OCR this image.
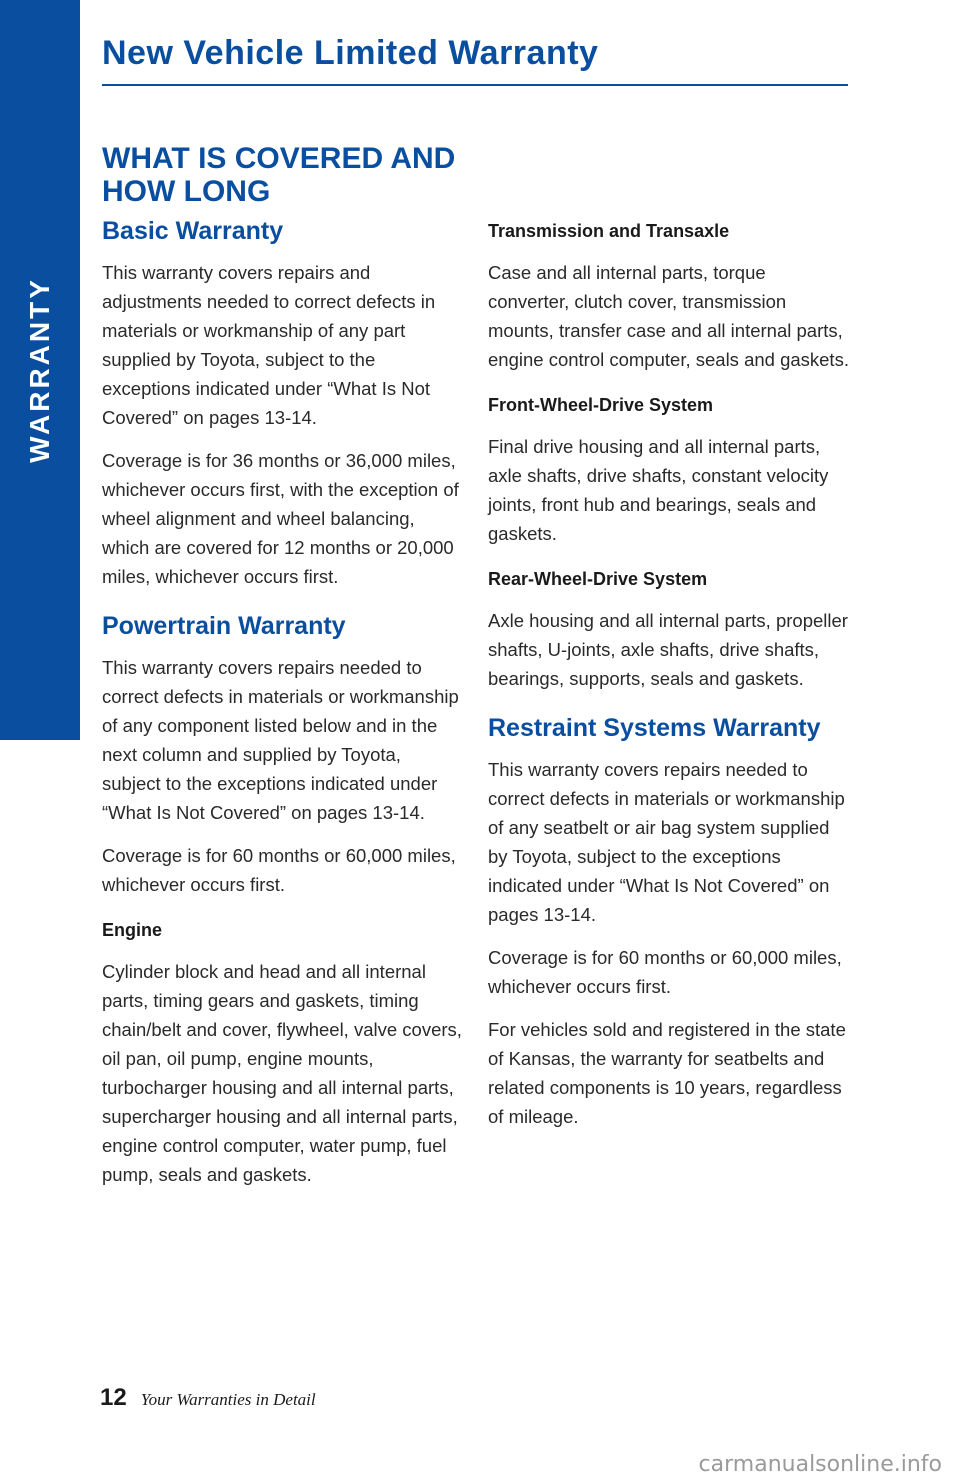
WARRANTY
New Vehicle Limited Warranty
WHAT IS COVERED AND HOW LONG
Basic Warranty

This warranty covers repairs and adjustments needed to correct defects in materials or workmanship of any part supplied by Toyota, subject to the exceptions indicated under “What Is Not Covered” on pages 13-14.

Coverage is for 36 months or 36,000 miles, whichever occurs first, with the exception of wheel alignment and wheel balancing, which are covered for 12 months or 20,000 miles, whichever occurs first.

Powertrain Warranty

This warranty covers repairs needed to correct defects in materials or workmanship of any component listed below and in the next column and supplied by Toyota, subject to the exceptions indicated under “What Is Not Covered” on pages 13-14.

Coverage is for 60 months or 60,000 miles, whichever occurs first.

Engine

Cylinder block and head and all internal parts, timing gears and gaskets, timing chain/belt and cover, flywheel, valve covers, oil pan, oil pump, engine mounts, turbocharger housing and all internal parts, supercharger housing and all internal parts, engine control computer, water pump, fuel pump, seals and gaskets.

Transmission and Transaxle

Case and all internal parts, torque converter, clutch cover, transmission mounts, transfer case and all internal parts, engine control computer, seals and gaskets.

Front-Wheel-Drive System

Final drive housing and all internal parts, axle shafts, drive shafts, constant velocity joints, front hub and bearings, seals and gaskets.

Rear-Wheel-Drive System

Axle housing and all internal parts, propeller shafts, U-joints, axle shafts, drive shafts, bearings, supports, seals and gaskets.

Restraint Systems Warranty

This warranty covers repairs needed to correct defects in materials or workmanship of any seatbelt or air bag system supplied by Toyota, subject to the exceptions indicated under “What Is Not Covered” on pages 13-14.

Coverage is for 60 months or 60,000 miles, whichever occurs first.

For vehicles sold and registered in the state of Kansas, the warranty for seatbelts and related components is 10 years, regardless of mileage.

12 Your Warranties in Detail
carmanualsonline.info
